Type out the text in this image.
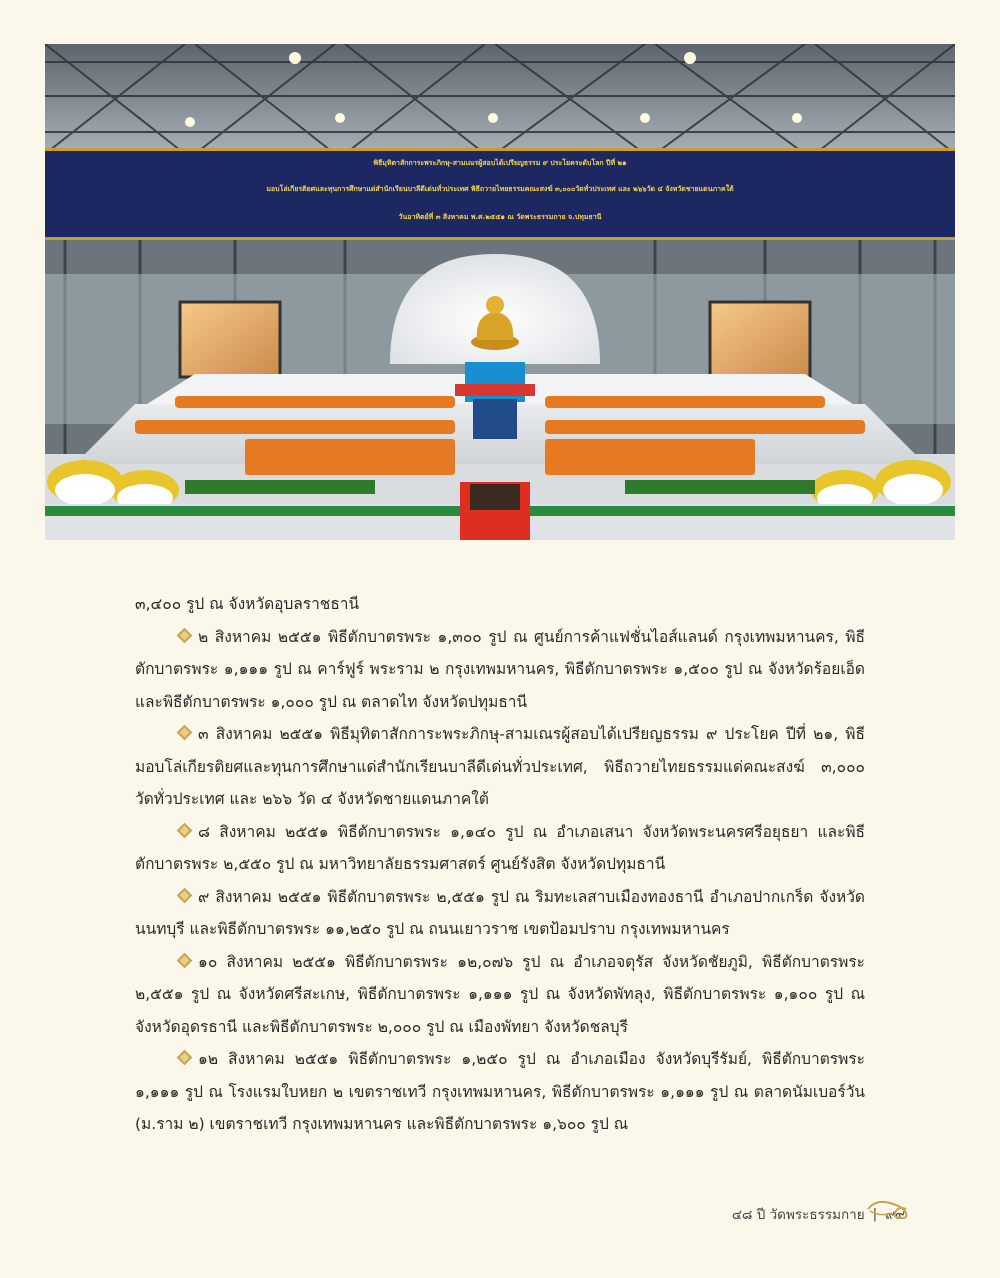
พิธีมุทิตาสักการะพระภิกษุ-สามเณรผู้สอบได้เปรียญธรรม ๙ ประโยคระดับโลก ปีที่ ๒๑
มอบโล่เกียรติยศและทุนการศึกษาแด่สำนักเรียนบาลีดีเด่นทั่วประเทศ พิธีถวายไทยธรรมคณะสงฆ์ ๓,๐๐๐วัดทั่วประเทศ และ ๒๖๖วัด ๔ จังหวัดชายแดนภาคใต้
วันอาทิตย์ที่ ๓ สิงหาคม พ.ศ.๒๕๕๑ ณ วัดพระธรรมกาย จ.ปทุมธานี

๓,๔๐๐ รูป ณ จังหวัดอุบลราชธานี

๒ สิงหาคม ๒๕๕๑ พิธีตักบาตรพระ ๑,๓๐๐ รูป ณ ศูนย์การค้าแฟชั่นไอส์แลนด์ กรุงเทพมหานคร, พิธีตักบาตรพระ ๑,๑๑๑ รูป ณ คาร์ฟูร์ พระราม ๒ กรุงเทพมหานคร, พิธีตักบาตรพระ ๑,๕๐๐ รูป ณ จังหวัดร้อยเอ็ด และพิธีตักบาตรพระ ๑,๐๐๐ รูป ณ ตลาดไท จังหวัดปทุมธานี

๓ สิงหาคม ๒๕๕๑ พิธีมุทิตาสักการะพระภิกษุ-สามเณรผู้สอบได้เปรียญธรรม ๙ ประโยค ปีที่ ๒๑, พิธีมอบโล่เกียรติยศและทุนการศึกษาแด่สำนักเรียนบาลีดีเด่นทั่วประเทศ, พิธีถวายไทยธรรมแด่คณะสงฆ์ ๓,๐๐๐ วัดทั่วประเทศ และ ๒๖๖ วัด ๔ จังหวัดชายแดนภาคใต้

๘ สิงหาคม ๒๕๕๑ พิธีตักบาตรพระ ๑,๑๔๐ รูป ณ อำเภอเสนา จังหวัดพระนครศรีอยุธยา และพิธีตักบาตรพระ ๒,๕๕๐ รูป ณ มหาวิทยาลัยธรรมศาสตร์ ศูนย์รังสิต จังหวัดปทุมธานี

๙ สิงหาคม ๒๕๕๑ พิธีตักบาตรพระ ๒,๕๕๑ รูป ณ ริมทะเลสาบเมืองทองธานี อำเภอปากเกร็ด จังหวัดนนทบุรี และพิธีตักบาตรพระ ๑๑,๒๕๐ รูป ณ ถนนเยาวราช เขตป้อมปราบ กรุงเทพมหานคร

๑๐ สิงหาคม ๒๕๕๑ พิธีตักบาตรพระ ๑๒,๐๗๖ รูป ณ อำเภอจตุรัส จังหวัดชัยภูมิ, พิธีตักบาตรพระ ๒,๕๕๑ รูป ณ จังหวัดศรีสะเกษ, พิธีตักบาตรพระ ๑,๑๑๑ รูป ณ จังหวัดพัทลุง, พิธีตักบาตรพระ ๑,๑๐๐ รูป ณ จังหวัดอุดรธานี และพิธีตักบาตรพระ ๒,๐๐๐ รูป ณ เมืองพัทยา จังหวัดชลบุรี

๑๒ สิงหาคม ๒๕๕๑ พิธีตักบาตรพระ ๑,๒๕๐ รูป ณ อำเภอเมือง จังหวัดบุรีรัมย์, พิธีตักบาตรพระ ๑,๑๑๑ รูป ณ โรงแรมใบหยก ๒ เขตราชเทวี กรุงเทพมหานคร, พิธีตักบาตรพระ ๑,๑๑๑ รูป ณ ตลาดนัมเบอร์วัน (ม.ราม ๒) เขตราชเทวี กรุงเทพมหานคร และพิธีตักบาตรพระ ๑,๖๐๐ รูป ณ

๔๘ ปี วัดพระธรรมกาย | ๙๙
